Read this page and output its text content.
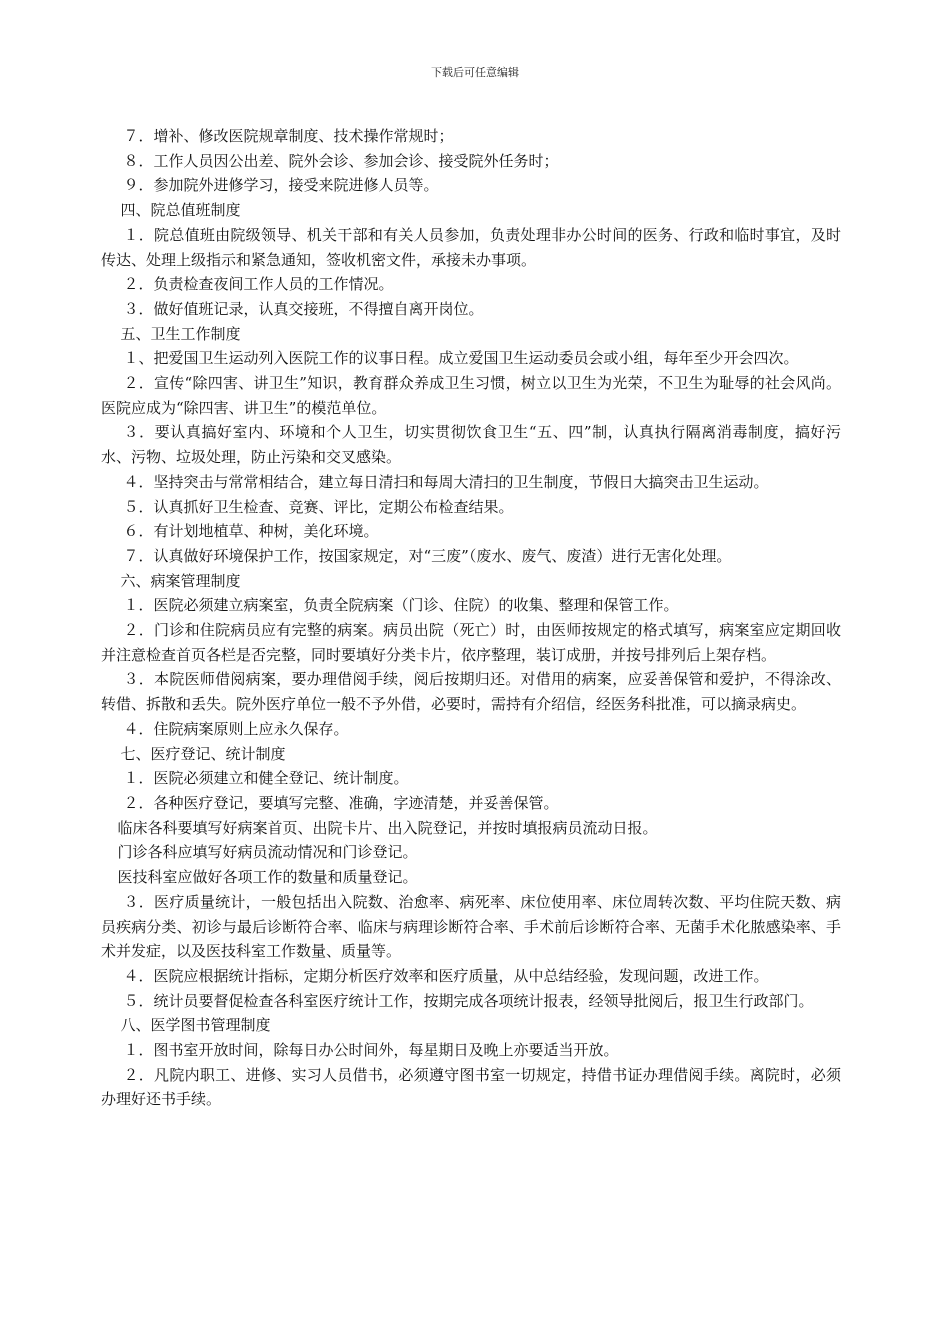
下载后可任意编辑

７．增补、修改医院规章制度、技术操作常规时；

８．工作人员因公出差、院外会诊、参加会诊、接受院外任务时；

９．参加院外进修学习，接受来院进修人员等。

四、院总值班制度

１．院总值班由院级领导、机关干部和有关人员参加，负责处理非办公时间的医务、行政和临时事宜，及时传达、处理上级指示和紧急通知，签收机密文件，承接未办事项。

２．负责检查夜间工作人员的工作情况。

３．做好值班记录，认真交接班，不得擅自离开岗位。

五、卫生工作制度

１、把爱国卫生运动列入医院工作的议事日程。成立爱国卫生运动委员会或小组，每年至少开会四次。

２．宣传“除四害、讲卫生”知识，教育群众养成卫生习惯，树立以卫生为光荣，不卫生为耻辱的社会风尚。医院应成为“除四害、讲卫生”的模范单位。

３．要认真搞好室内、环境和个人卫生，切实贯彻饮食卫生“五、四”制，认真执行隔离消毒制度，搞好污水、污物、垃圾处理，防止污染和交叉感染。

４．坚持突击与常常相结合，建立每日清扫和每周大清扫的卫生制度，节假日大搞突击卫生运动。

５．认真抓好卫生检查、竞赛、评比，定期公布检查结果。

６．有计划地植草、种树，美化环境。

７．认真做好环境保护工作，按国家规定，对“三废”（废水、废气、废渣）进行无害化处理。

六、病案管理制度

１．医院必须建立病案室，负责全院病案（门诊、住院）的收集、整理和保管工作。

２．门诊和住院病员应有完整的病案。病员出院（死亡）时，由医师按规定的格式填写，病案室应定期回收并注意检查首页各栏是否完整，同时要填好分类卡片，依序整理，装订成册，并按号排列后上架存档。

３．本院医师借阅病案，要办理借阅手续，阅后按期归还。对借用的病案，应妥善保管和爱护，不得涂改、转借、拆散和丢失。院外医疗单位一般不予外借，必要时，需持有介绍信，经医务科批准，可以摘录病史。

４．住院病案原则上应永久保存。

七、医疗登记、统计制度

１．医院必须建立和健全登记、统计制度。

２．各种医疗登记，要填写完整、准确，字迹清楚，并妥善保管。

临床各科要填写好病案首页、出院卡片、出入院登记，并按时填报病员流动日报。

门诊各科应填写好病员流动情况和门诊登记。

医技科室应做好各项工作的数量和质量登记。

３．医疗质量统计，一般包括出入院数、治愈率、病死率、床位使用率、床位周转次数、平均住院天数、病员疾病分类、初诊与最后诊断符合率、临床与病理诊断符合率、手术前后诊断符合率、无菌手术化脓感染率、手术并发症，以及医技科室工作数量、质量等。

４．医院应根据统计指标，定期分析医疗效率和医疗质量，从中总结经验，发现问题，改进工作。

５．统计员要督促检查各科室医疗统计工作，按期完成各项统计报表，经领导批阅后，报卫生行政部门。

八、医学图书管理制度

１．图书室开放时间，除每日办公时间外，每星期日及晚上亦要适当开放。

２．凡院内职工、进修、实习人员借书，必须遵守图书室一切规定，持借书证办理借阅手续。离院时，必须办理好还书手续。
